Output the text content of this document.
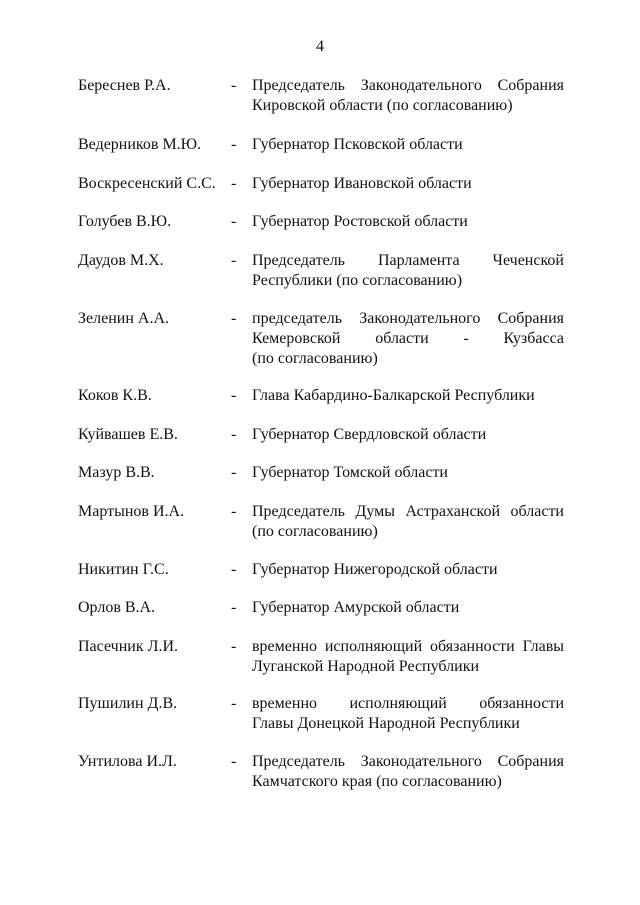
4
Береснев Р.А.	- Председатель Законодательного Собрания
Кировской области (по согласованию)
Ведерников М.Ю. - Губернатор Псковской области
Воскресенский С.С. - Губернатор Ивановской области
Голубев В.Ю.	- Губернатор Ростовской области
Даудов М.Х.	- Председатель Парламента Чеченской
Республики (по согласованию)
Зеленин А.А.	- председатель Законодательного Собрания
Кемеровской области - Кузбасса
(по согласованию)
Коков К.В.	- Глава Кабардино-Балкарской Республики
Куйвашев Е.В.	- Губернатор Свердловской области
Мазур В.В.	- Губернатор Томской области
Мартынов И.А.	- Председатель Думы Астраханской области
(по согласованию)
Никитин Г.С.	- Губернатор Нижегородской области
Орлов В.А.	- Губернатор Амурской области
Пасечник Л.И.	- временно исполняющий обязанности Главы
Луганской Народной Республики
Пушилин Д.В.	- временно исполняющий обязанности
Главы Донецкой Народной Республики
Унтилова И.Л.	- Председатель Законодательного Собрания
Камчатского края (по согласованию)
